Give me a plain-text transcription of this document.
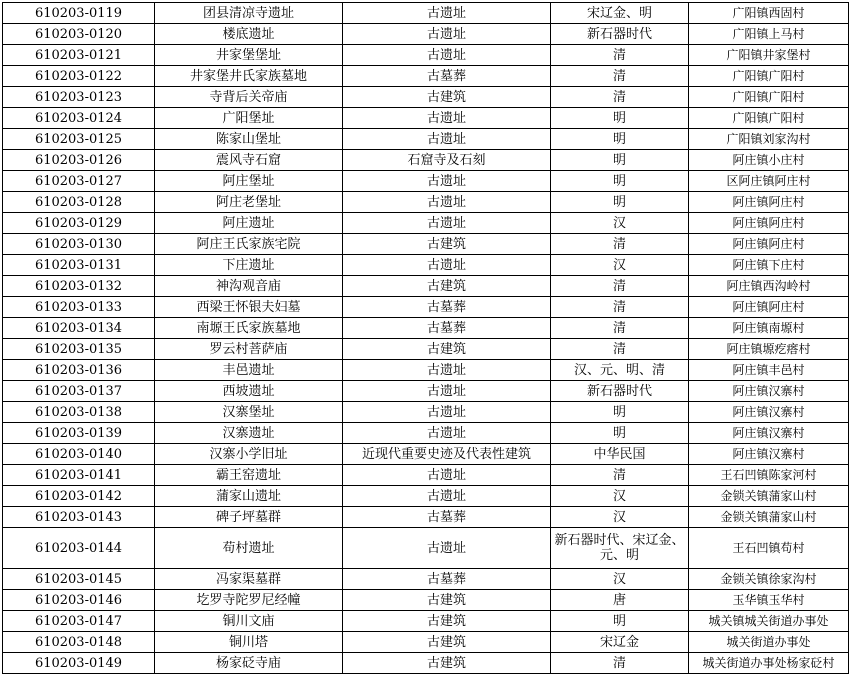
610203-0119	团县清凉寺遗址	古遗址	宋辽金、明	广阳镇西固村
610203-0120	楼底遗址	古遗址	新石器时代	广阳镇上马村
610203-0121	井家堡堡址	古遗址	清	广阳镇井家堡村
610203-0122	井家堡井氏家族墓地	古墓葬	清	广阳镇广阳村
610203-0123	寺背后关帝庙	古建筑	清	广阳镇广阳村
610203-0124	广阳堡址	古遗址	明	广阳镇广阳村
610203-0125	陈家山堡址	古遗址	明	广阳镇刘家沟村
610203-0126	震风寺石窟	石窟寺及石刻	明	阿庄镇小庄村
610203-0127	阿庄堡址	古遗址	明	区阿庄镇阿庄村
610203-0128	阿庄老堡址	古遗址	明	阿庄镇阿庄村
610203-0129	阿庄遗址	古遗址	汉	阿庄镇阿庄村
610203-0130	阿庄王氏家族宅院	古建筑	清	阿庄镇阿庄村
610203-0131	下庄遗址	古遗址	汉	阿庄镇下庄村
610203-0132	神沟观音庙	古建筑	清	阿庄镇西沟岭村
610203-0133	西梁王怀银夫妇墓	古墓葬	清	阿庄镇阿庄村
610203-0134	南塬王氏家族墓地	古墓葬	清	阿庄镇南塬村
610203-0135	罗云村菩萨庙	古建筑	清	阿庄镇塬疙瘩村
610203-0136	丰邑遗址	古遗址	汉、元、明、清	阿庄镇丰邑村
610203-0137	西坡遗址	古遗址	新石器时代	阿庄镇汉寨村
610203-0138	汉寨堡址	古遗址	明	阿庄镇汉寨村
610203-0139	汉寨遗址	古遗址	明	阿庄镇汉寨村
610203-0140	汉寨小学旧址	近现代重要史迹及代表性建筑	中华民国	阿庄镇汉寨村
610203-0141	霸王窑遗址	古遗址	清	王石凹镇陈家河村
610203-0142	蒲家山遗址	古遗址	汉	金锁关镇蒲家山村
610203-0143	碑子坪墓群	古墓葬	汉	金锁关镇蒲家山村
610203-0144	苟村遗址	古遗址	新石器时代、宋辽金、元、明	王石凹镇苟村
610203-0145	冯家渠墓群	古墓葬	汉	金锁关镇徐家沟村
610203-0146	圪罗寺陀罗尼经幢	古建筑	唐	玉华镇玉华村
610203-0147	铜川文庙	古建筑	明	城关镇城关街道办事处
610203-0148	铜川塔	古建筑	宋辽金	城关街道办事处
610203-0149	杨家砭寺庙	古建筑	清	城关街道办事处杨家砭村
